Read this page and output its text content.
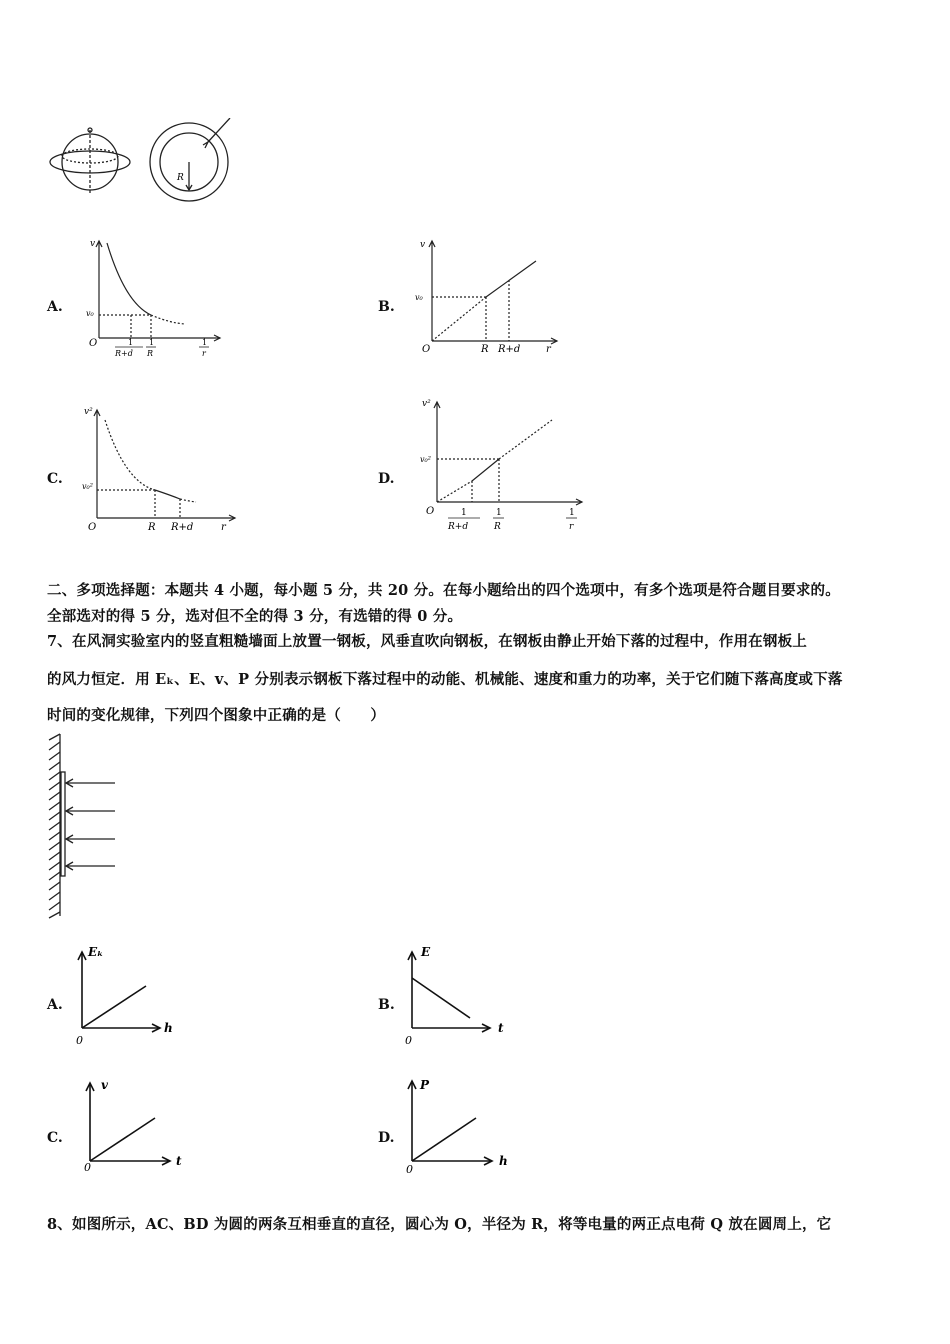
R
A.
v
v₀
O	1
R+d
1
R
1
r
B.
v
v₀
O	R R+d	r
C.
v²
v₀²
O	R R+d	r
D.
v²
v₀²
O	1
R+d
1
R
1
r
二、多项选择题：本题共 4 小题，每小题 5 分，共 20 分。在每小题给出的四个选项中，有多个选项是符合题目要求的。
全部选对的得 5 分，选对但不全的得 3 分，有选错的得 0 分。
7、在风洞实验室内的竖直粗糙墙面上放置一钢板，风垂直吹向钢板，在钢板由静止开始下落的过程中，作用在钢板上
的风力恒定．用 Eₖ、E、v、P 分别表示钢板下落过程中的动能、机械能、速度和重力的功率，关于它们随下落高度或下落
时间的变化规律，下列四个图象中正确的是（　　）
A.
Eₖ
h
0
B.
E
t
0
C.
v
t
0
D.
P
h
0
8、如图所示，AC、BD 为圆的两条互相垂直的直径，圆心为 O，半径为 R，将等电量的两正点电荷 Q 放在圆周上，它
